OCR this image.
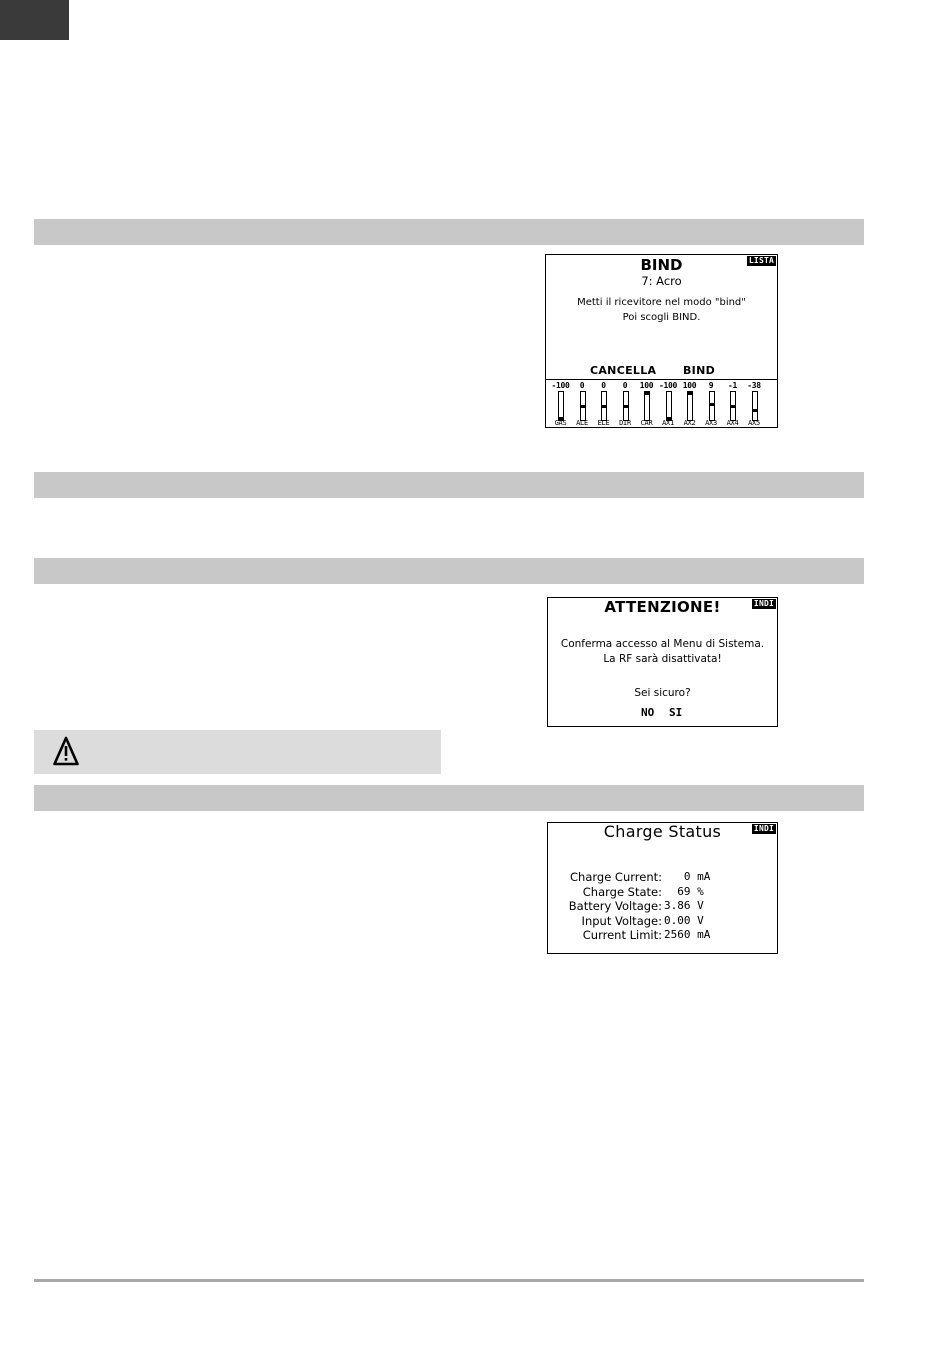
LISTA
BIND
7: Acro
Metti il ricevitore nel modo "bind"
Poi scogli BIND.
CANCELLA BIND
-100
GAS
0
ALE
0
ELE
0
DIR
100
CAR
-100
AX1
100
AX2
9
AX3
-1
AX4
-38
AX5
INDI
ATTENZIONE!
Conferma accesso al Menu di Sistema.
La RF sarà disattivata!
Sei sicuro?
NO SI
INDI
Charge Status
Charge Current: 0 mA
Charge State: 69 %
Battery Voltage: 3.86 V
Input Voltage: 0.00 V
Current Limit: 2560 mA
